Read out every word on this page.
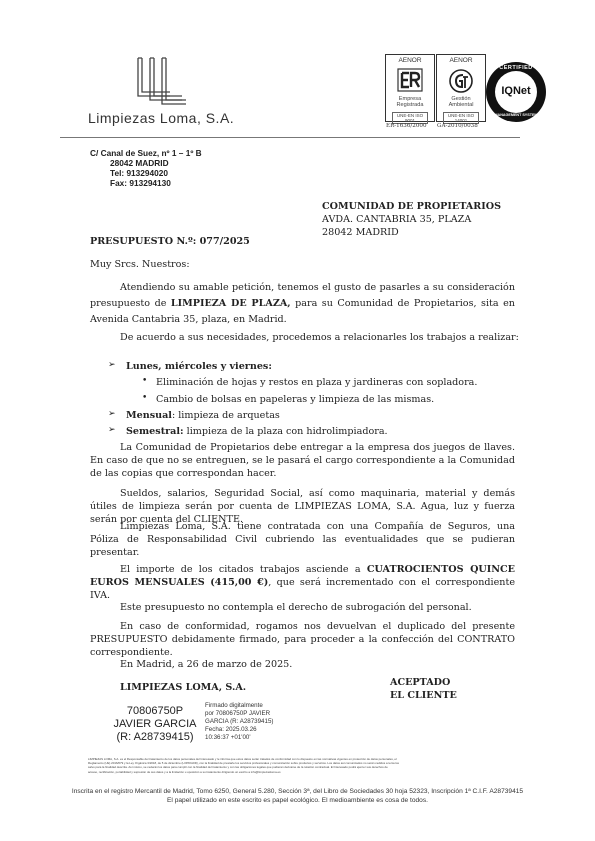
Limpiezas Loma, S.A.
AENOR
Empresa
Registrada
UNE-EN ISO 9001
ER-1636/2000
AENOR
Gestión
Ambiental
UNE-EN ISO 14001
GA-2010/0038
CERTIFIED
IQNet
MANAGEMENT SYSTEM
C/ Canal de Suez, nº 1 – 1º B
28042 MADRID
Tel: 913294020
Fax: 913294130
COMUNIDAD DE PROPIETARIOS
AVDA. CANTABRIA 35, PLAZA
28042 MADRID
PRESUPUESTO N.º: 077/2025
Muy Srcs. Nuestros:
Atendiendo su amable petición, tenemos el gusto de pasarles a su consideración presupuesto de LIMPIEZA DE PLAZA, para su Comunidad de Propietarios, sita en Avenida Cantabria 35, plaza, en Madrid.
De acuerdo a sus necesidades, procedemos a relacionarles los trabajos a realizar:
➢ Lunes, miércoles y viernes:
• Eliminación de hojas y restos en plaza y jardineras con sopladora.
• Cambio de bolsas en papeleras y limpieza de las mismas.
➢ Mensual: limpieza de arquetas
➢ Semestral: limpieza de la plaza con hidrolimpiadora.
La Comunidad de Propietarios debe entregar a la empresa dos juegos de llaves. En caso de que no se entreguen, se le pasará el cargo correspondiente a la Comunidad de las copias que correspondan hacer.
Sueldos, salarios, Seguridad Social, así como maquinaria, material y demás útiles de limpieza serán por cuenta de LIMPIEZAS LOMA, S.A. Agua, luz y fuerza serán por cuenta del CLIENTE.
Limpiezas Loma, S.A. tiene contratada con una Compañía de Seguros, una Póliza de Responsabilidad Civil cubriendo las eventualidades que se pudieran presentar.
El importe de los citados trabajos asciende a CUATROCIENTOS QUINCE EUROS MENSUALES (415,00 €), que será incrementado con el correspondiente IVA.
Este presupuesto no contempla el derecho de subrogación del personal.
En caso de conformidad, rogamos nos devuelvan el duplicado del presente PRESUPUESTO debidamente firmado, para proceder a la confección del CONTRATO correspondiente.
En Madrid, a 26 de marzo de 2025.
LIMPIEZAS LOMA, S.A.	ACEPTADO
EL CLIENTE
70806750P
JAVIER GARCIA
(R: A28739415)
Firmado digitalmente
por 70806750P JAVIER
GARCIA (R: A28739415)
Fecha: 2025.03.26
10:36:37 +01'00'
LIMPIEZAS LOMA, S.A. es el Responsable del tratamiento de los datos personales del Interesado y le informa que estos datos serán tratados de conformidad con lo dispuesto en las normativas vigentes en protección de datos personales, el
Reglamento (UE) 2016/679 y la Ley Orgánica 3/2018, de 5 de diciembre (LOPDGDD), con la finalidad de prestarle los servicios profesionales y comunicación sobre productos y servicios. Los datos así comunicados no serán cedidos a terceros
salvo para la finalidad descrita. Así mismo, se cederán los datos para cumplir con la finalidad del tratamiento y con las obligaciones legales que pudieran derivarse de la relación contractual. El Interesado podrá ejercer sus derechos de
acceso, rectificación, portabilidad y supresión de sus datos y a la limitación u oposición a su tratamiento dirigiendo un escrito a info@limpiezasloma.es
Inscrita en el registro Mercantil de Madrid, Tomo 6250, General 5.280, Sección 3ª, del Libro de Sociedades 30 hoja 52323, Inscripción 1ª C.I.F. A28739415
El papel utilizado en este escrito es papel ecológico. El medioambiente es cosa de todos.
